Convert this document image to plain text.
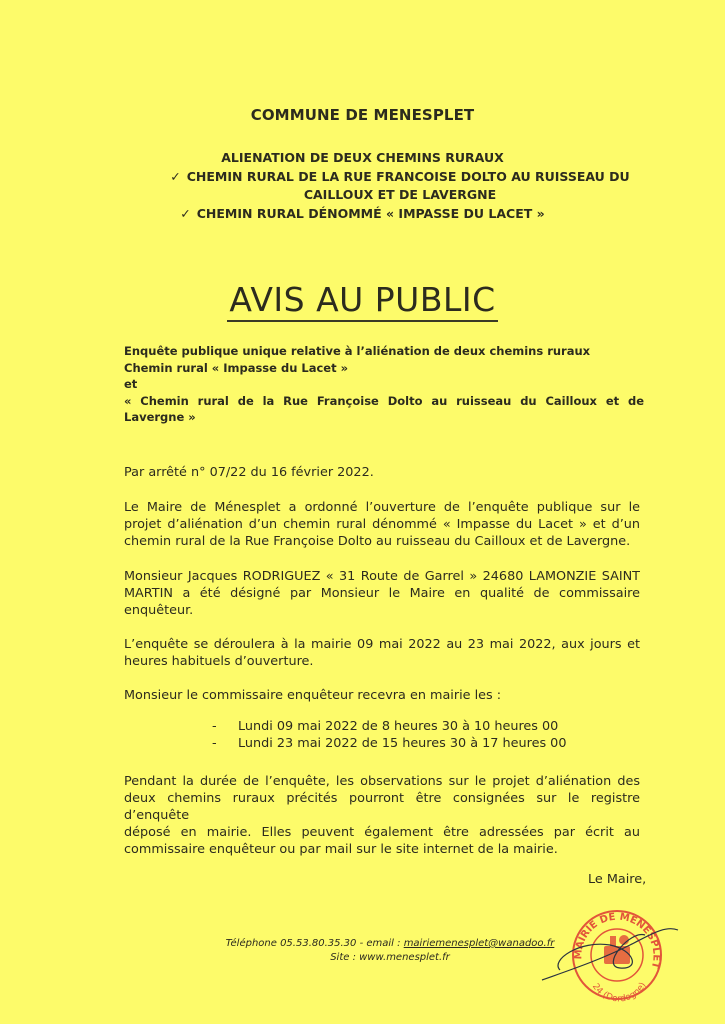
COMMUNE DE MENESPLET
ALIENATION DE DEUX CHEMINS RURAUX
✓ CHEMIN RURAL DE LA RUE FRANCOISE DOLTO AU RUISSEAU DU
CAILLOUX ET DE LAVERGNE
✓ CHEMIN RURAL DÉNOMMÉ « IMPASSE DU LACET »
AVIS AU PUBLIC
Enquête publique unique relative à l’aliénation de deux chemins ruraux
Chemin rural « Impasse du Lacet »
et
« Chemin rural de la Rue Françoise Dolto au ruisseau du Cailloux et de
Lavergne »
Par arrêté n° 07/22 du 16 février 2022.
Le Maire de Ménesplet a ordonné l’ouverture de l’enquête publique sur le
projet d’aliénation d’un chemin rural dénommé « Impasse du Lacet » et d’un
chemin rural de la Rue Françoise Dolto au ruisseau du Cailloux et de Lavergne.
Monsieur Jacques RODRIGUEZ « 31 Route de Garrel » 24680 LAMONZIE SAINT
MARTIN a été désigné par Monsieur le Maire en qualité de commissaire
enquêteur.
L’enquête se déroulera à la mairie 09 mai 2022 au 23 mai 2022, aux jours et
heures habituels d’ouverture.
Monsieur le commissaire enquêteur recevra en mairie les :
- Lundi 09 mai 2022 de 8 heures 30 à 10 heures 00
- Lundi 23 mai 2022 de 15 heures 30 à 17 heures 00
Pendant la durée de l’enquête, les observations sur le projet d’aliénation des
deux chemins ruraux précités pourront être consignées sur le registre d’enquête
déposé en mairie. Elles peuvent également être adressées par écrit au
commissaire enquêteur ou par mail sur le site internet de la mairie.
Le Maire,
Téléphone 05.53.80.35.30 - email : mairiemenesplet@wanadoo.fr
Site : www.menesplet.fr	MAIRIE DE MENESPLET
24 (Dordogne)
